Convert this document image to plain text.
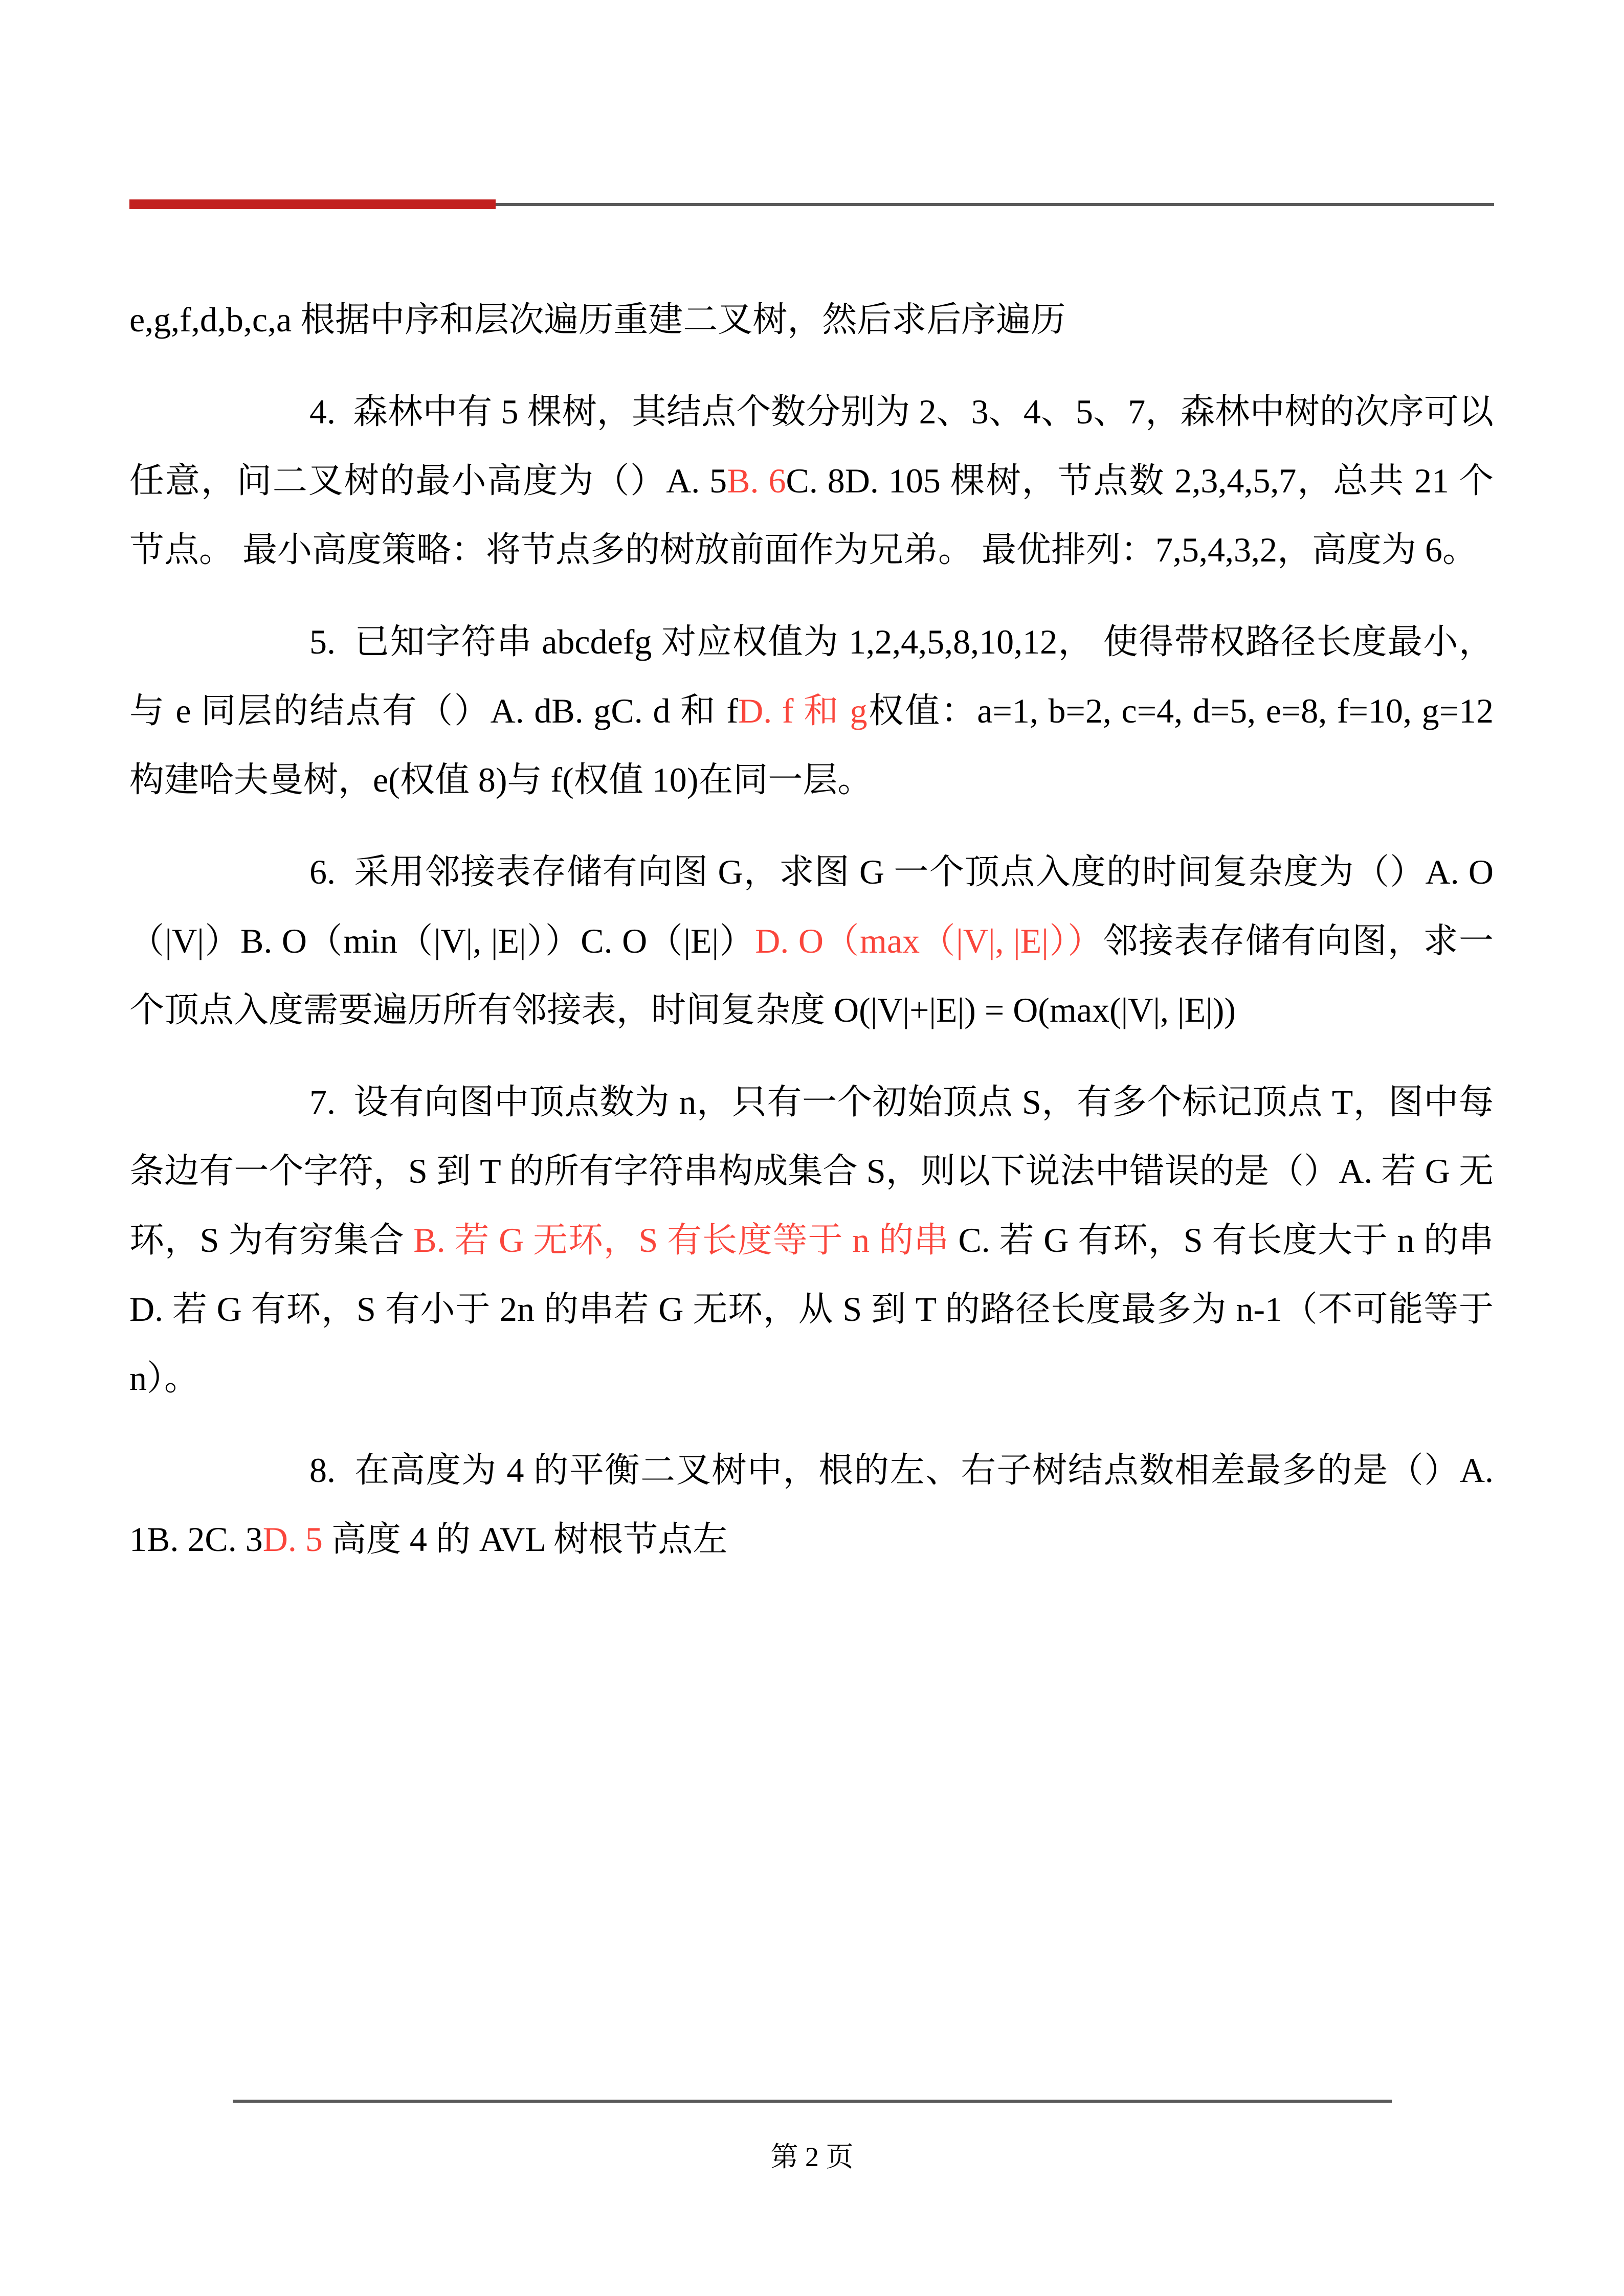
e,g,f,d,b,c,a 根据中序和层次遍历重建二叉树，然后求后序遍历

4.  森林中有 5 棵树，其结点个数分别为 2、3、4、5、7，森林中树的次序可以任意，问二叉树的最小高度为（）A. 5B. 6C. 8D. 105 棵树，节点数 2,3,4,5,7，总共 21 个节点。 最小高度策略：将节点多的树放前面作为兄弟。 最优排列：7,5,4,3,2，高度为 6。

5.  已知字符串 abcdefg 对应权值为 1,2,4,5,8,10,12， 使得带权路径长度最小，与 e 同层的结点有（）A. dB. gC. d 和 fD. f 和 g权值：a=1, b=2, c=4, d=5, e=8, f=10, g=12 构建哈夫曼树，e(权值 8)与 f(权值 10)在同一层。

6.  采用邻接表存储有向图 G，求图 G 一个顶点入度的时间复杂度为（）A. O（|V|）B. O（min（|V|, |E|））C. O（|E|）D. O（max（|V|, |E|））邻接表存储有向图，求一个顶点入度需要遍历所有邻接表，时间复杂度 O(|V|+|E|) = O(max(|V|, |E|))

7.  设有向图中顶点数为 n，只有一个初始顶点 S，有多个标记顶点 T，图中每条边有一个字符，S 到 T 的所有字符串构成集合 S，则以下说法中错误的是（）A. 若 G 无环，S 为有穷集合 B. 若 G 无环，S 有长度等于 n 的串 C. 若 G 有环，S 有长度大于 n 的串 D. 若 G 有环，S 有小于 2n 的串若 G 无环，从 S 到 T 的路径长度最多为 n-1（不可能等于 n）。

8.  在高度为 4 的平衡二叉树中，根的左、右子树结点数相差最多的是（）A. 1B. 2C. 3D. 5 高度 4 的 AVL 树根节点左

第 2 页
